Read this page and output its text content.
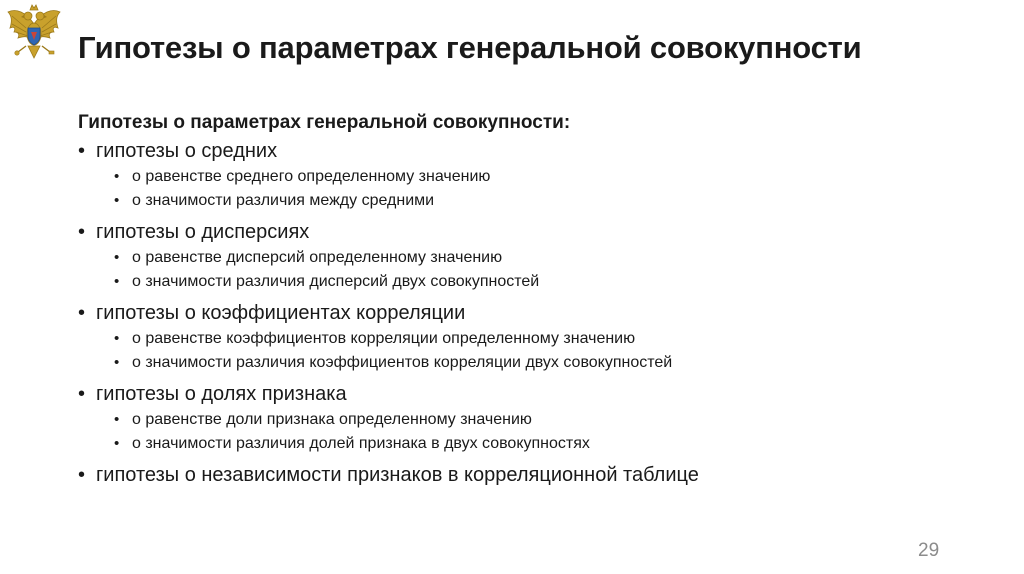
Гипотезы о параметрах генеральной совокупности

Гипотезы о параметрах генеральной совокупности:

• гипотезы о средних
• о равенстве среднего определенному значению
• о значимости различия между средними
• гипотезы о дисперсиях
• о равенстве дисперсий определенному значению
• о значимости различия дисперсий двух совокупностей
• гипотезы о коэффициентах корреляции
• о равенстве коэффициентов корреляции определенному значению
• о значимости различия коэффициентов корреляции двух совокупностей
• гипотезы о долях признака
• о равенстве доли признака определенному значению
• о значимости различия долей признака в двух совокупностях
• гипотезы о независимости признаков в корреляционной таблице
29
